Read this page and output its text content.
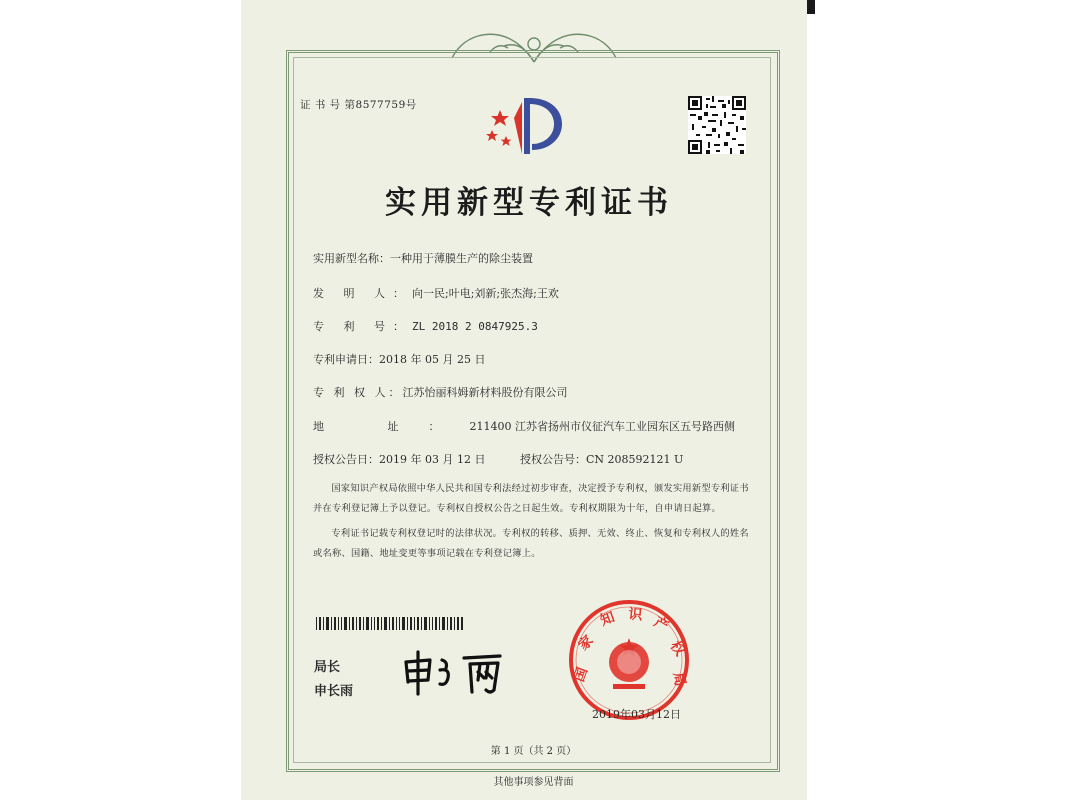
证 书 号 第8577759号
实用新型专利证书
实用新型名称：一种用于薄膜生产的除尘装置
发 明 人：向一民;叶电;刘新;张杰海;王欢
专 利 号：ZL 2018 2 0847925.3
专利申请日：2018 年 05 月 25 日
专 利 权 人：江苏怡丽科姆新材料股份有限公司
地 址：211400 江苏省扬州市仪征汽车工业园东区五号路西侧
授权公告日：2019 年 03 月 12 日	授权公告号：CN 208592121 U
国家知识产权局依照中华人民共和国专利法经过初步审查，决定授予专利权，颁发实用新型专利证书并在专利登记簿上予以登记。专利权自授权公告之日起生效。专利权期限为十年，自申请日起算。
专利证书记载专利权登记时的法律状况。专利权的转移、质押、无效、终止、恢复和专利权人的姓名或名称、国籍、地址变更等事项记载在专利登记簿上。
局长
申长雨
国
家
知 识 产
权
局
2019年03月12日
第 1 页（共 2 页）
其他事项参见背面
